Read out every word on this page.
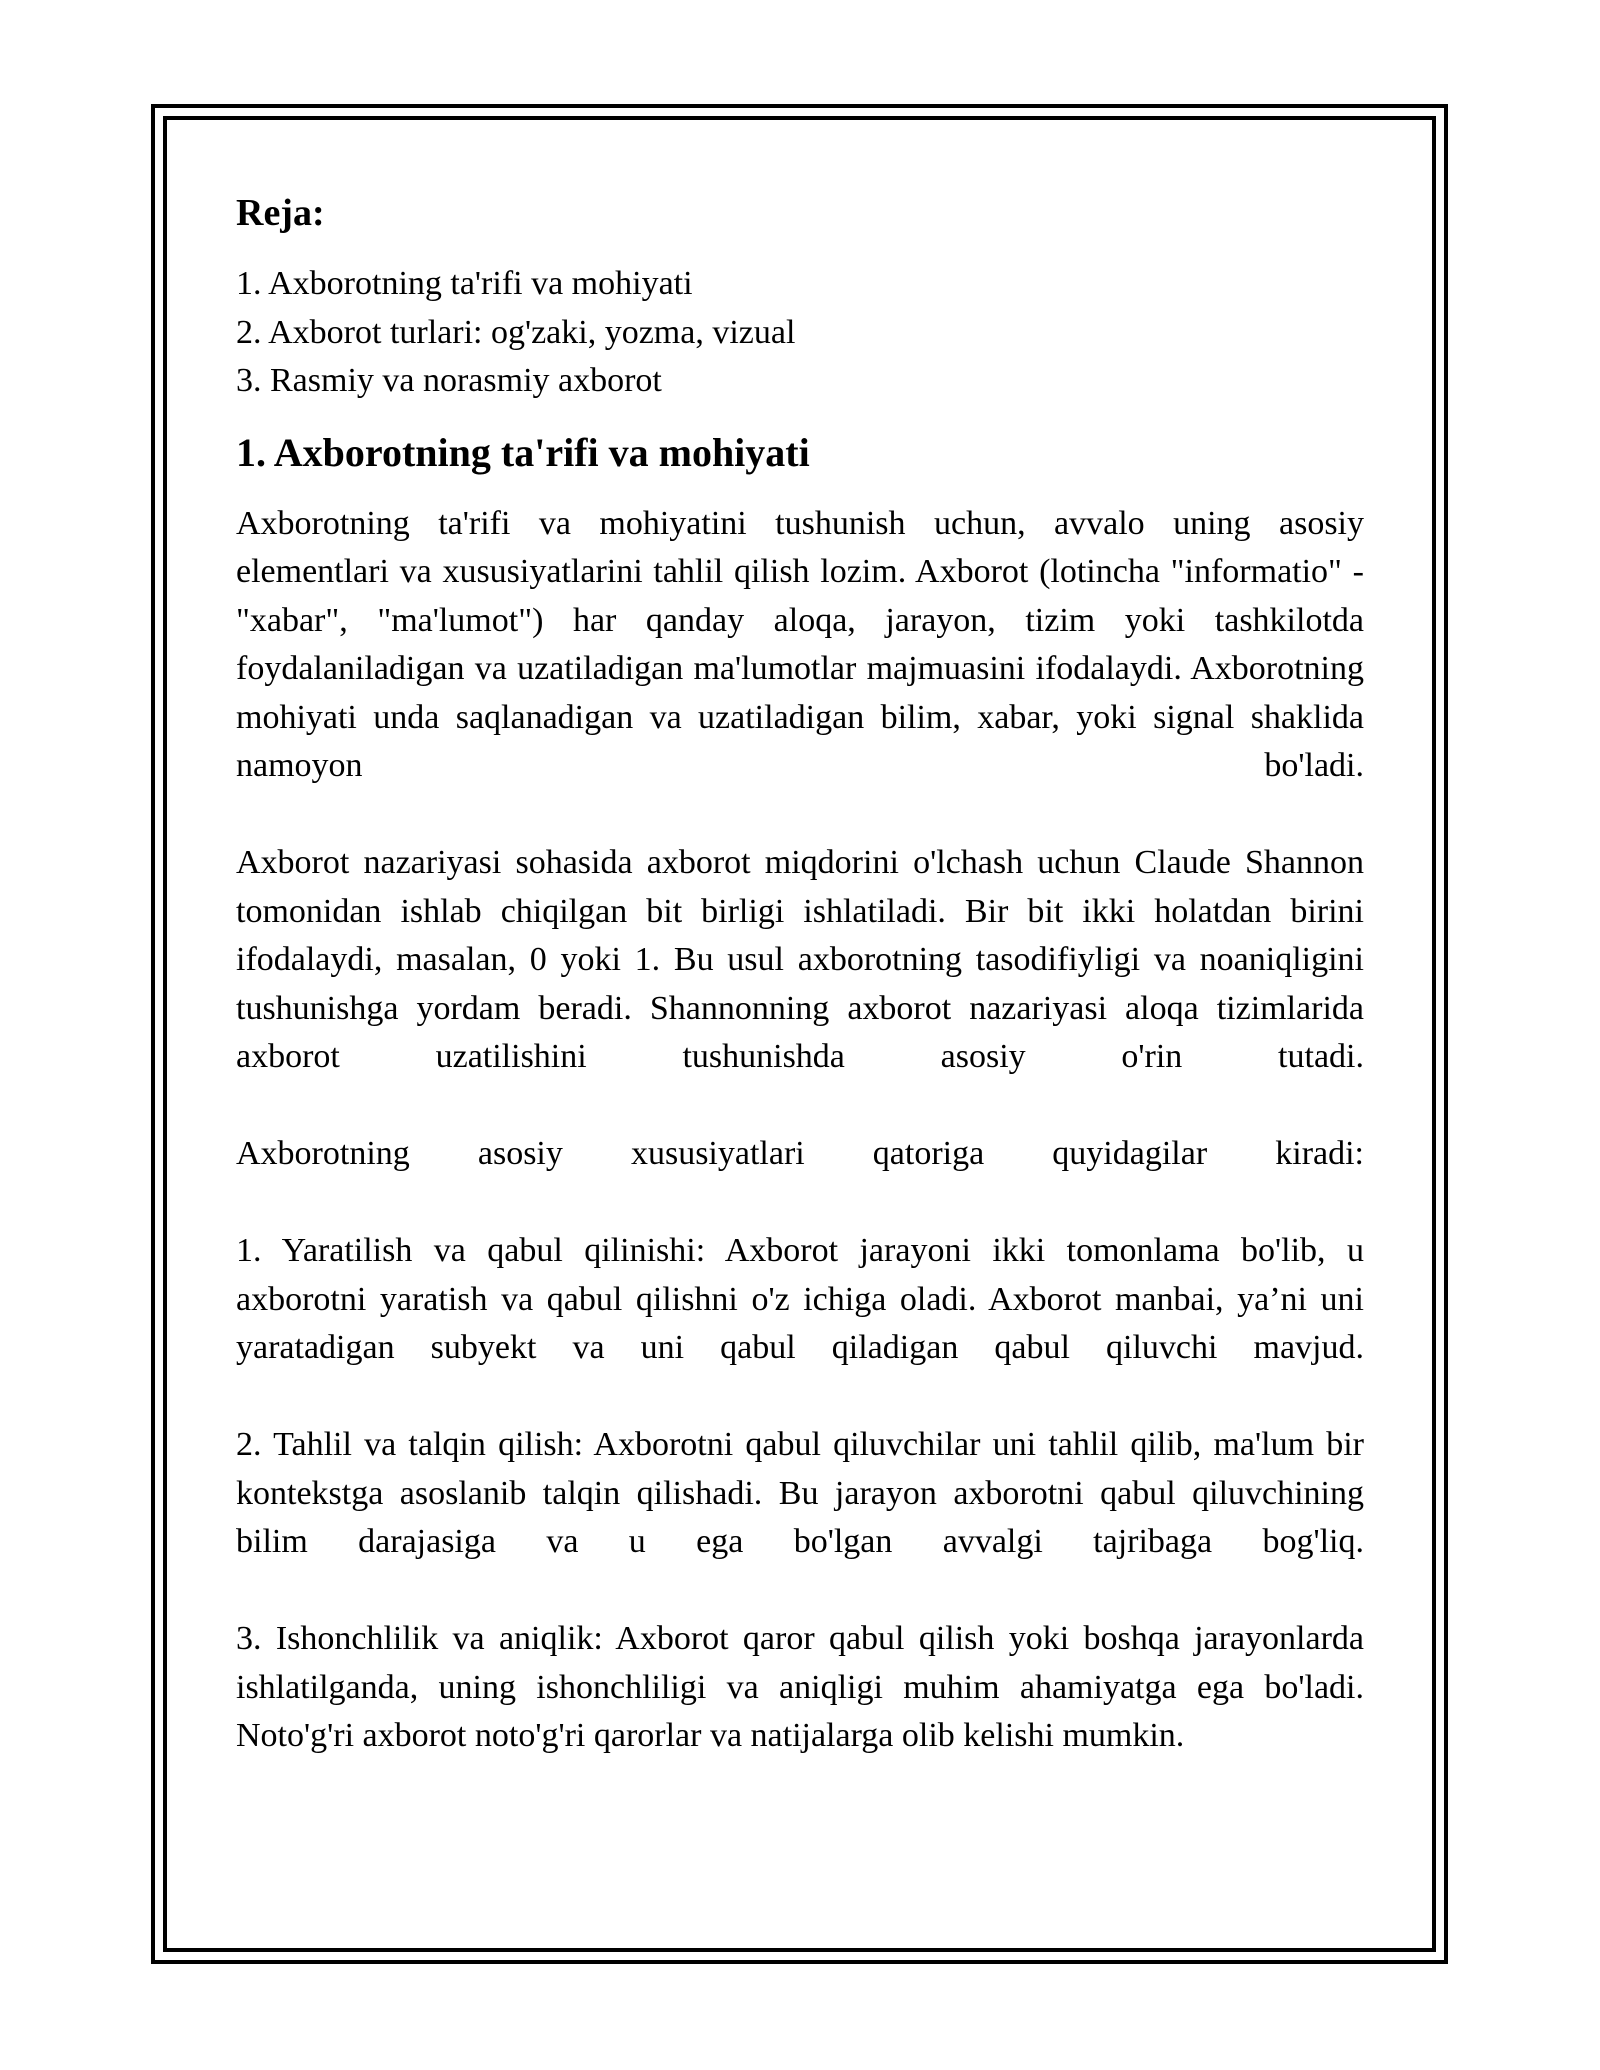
Reja:
1. Axborotning ta'rifi va mohiyati
2. Axborot turlari: og'zaki, yozma, vizual
3. Rasmiy va norasmiy axborot
1. Axborotning ta'rifi va mohiyati

Axborotning ta'rifi va mohiyatini tushunish uchun, avvalo uning asosiy elementlari va xususiyatlarini tahlil qilish lozim. Axborot (lotincha "informatio" - "xabar", "ma'lumot") har qanday aloqa, jarayon, tizim yoki tashkilotda foydalaniladigan va uzatiladigan ma'lumotlar majmuasini ifodalaydi. Axborotning mohiyati unda saqlanadigan va uzatiladigan bilim, xabar, yoki signal shaklida namoyon bo'ladi.

Axborot nazariyasi sohasida axborot miqdorini o'lchash uchun Claude Shannon tomonidan ishlab chiqilgan bit birligi ishlatiladi. Bir bit ikki holatdan birini ifodalaydi, masalan, 0 yoki 1. Bu usul axborotning tasodifiyligi va noaniqligini tushunishga yordam beradi. Shannonning axborot nazariyasi aloqa tizimlarida axborot uzatilishini tushunishda asosiy o'rin tutadi.

Axborotning asosiy xususiyatlari qatoriga quyidagilar kiradi:

1. Yaratilish va qabul qilinishi: Axborot jarayoni ikki tomonlama bo'lib, u axborotni yaratish va qabul qilishni o'z ichiga oladi. Axborot manbai, ya’ni uni yaratadigan subyekt va uni qabul qiladigan qabul qiluvchi mavjud.

2. Tahlil va talqin qilish: Axborotni qabul qiluvchilar uni tahlil qilib, ma'lum bir kontekstga asoslanib talqin qilishadi. Bu jarayon axborotni qabul qiluvchining bilim darajasiga va u ega bo'lgan avvalgi tajribaga bog'liq.

3. Ishonchlilik va aniqlik: Axborot qaror qabul qilish yoki boshqa jarayonlarda ishlatilganda, uning ishonchliligi va aniqligi muhim ahamiyatga ega bo'ladi. Noto'g'ri axborot noto'g'ri qarorlar va natijalarga olib kelishi mumkin.
